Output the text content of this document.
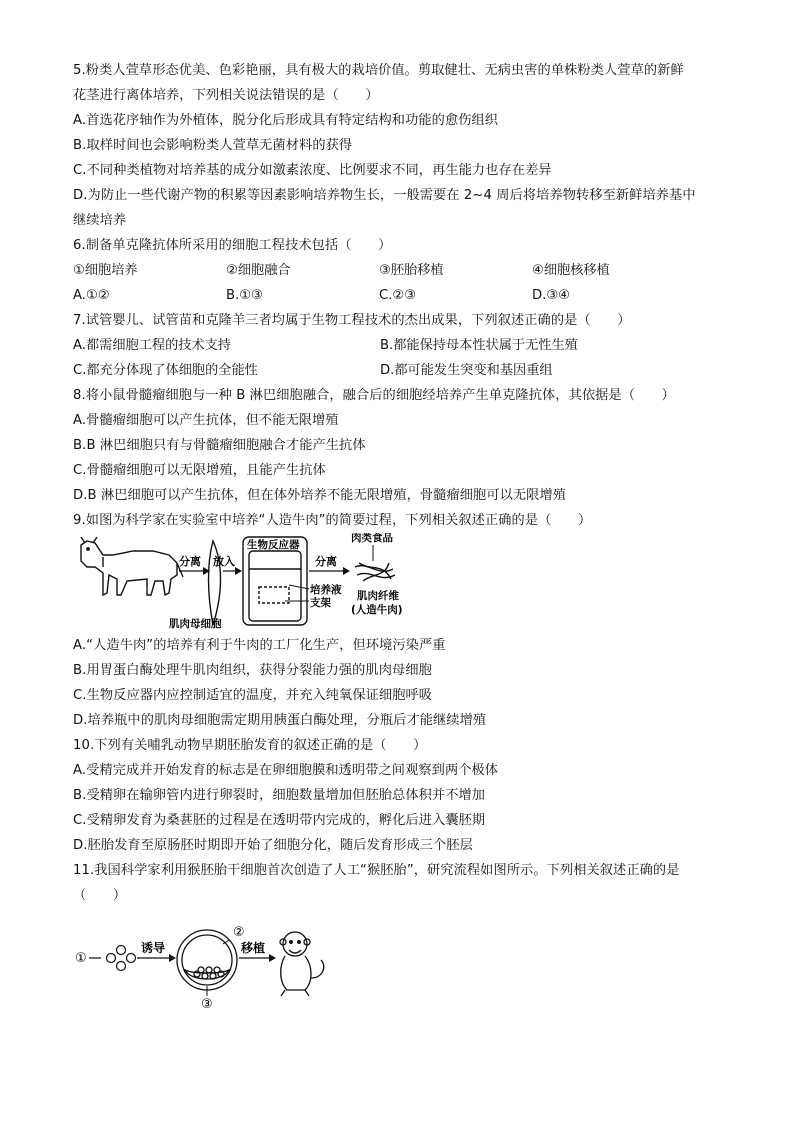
5.粉类人萱草形态优美、色彩艳丽，具有极大的栽培价值。剪取健壮、无病虫害的单株粉类人萱草的新鲜
花茎进行离体培养，下列相关说法错误的是（　　）
A.首选花序轴作为外植体，脱分化后形成具有特定结构和功能的愈伤组织
B.取样时间也会影响粉类人萱草无菌材料的获得
C.不同种类植物对培养基的成分如激素浓度、比例要求不同，再生能力也存在差异
D.为防止一些代谢产物的积累等因素影响培养物生长，一般需要在 2~4 周后将培养物转移至新鲜培养基中
继续培养
6.制备单克隆抗体所采用的细胞工程技术包括（　　）
①细胞培养	②细胞融合	③胚胎移植	④细胞核移植
A.①②	B.①③	C.②③	D.③④
7.试管婴儿、试管苗和克隆羊三者均属于生物工程技术的杰出成果，下列叙述正确的是（　　）
A.都需细胞工程的技术支持	B.都能保持母本性状属于无性生殖
C.都充分体现了体细胞的全能性	D.都可能发生突变和基因重组
8.将小鼠骨髓瘤细胞与一种 B 淋巴细胞融合，融合后的细胞经培养产生单克隆抗体，其依据是（　　）
A.骨髓瘤细胞可以产生抗体，但不能无限增殖
B.B 淋巴细胞只有与骨髓瘤细胞融合才能产生抗体
C.骨髓瘤细胞可以无限增殖，且能产生抗体
D.B 淋巴细胞可以产生抗体，但在体外培养不能无限增殖，骨髓瘤细胞可以无限增殖
9.如图为科学家在实验室中培养“人造牛肉”的简要过程，下列相关叙述正确的是（　　）
分离 放入
生物反应器
培养液
支架
分离
肉类食品
肌肉纤维
(人造牛肉)
肌肉母细胞
A.“人造牛肉”的培养有利于牛肉的工厂化生产，但环境污染严重
B.用胃蛋白酶处理牛肌肉组织，获得分裂能力强的肌肉母细胞
C.生物反应器内应控制适宜的温度，并充入纯氧保证细胞呼吸
D.培养瓶中的肌肉母细胞需定期用胰蛋白酶处理，分瓶后才能继续增殖
10.下列有关哺乳动物早期胚胎发育的叙述正确的是（　　）
A.受精完成并开始发育的标志是在卵细胞膜和透明带之间观察到两个极体
B.受精卵在输卵管内进行卵裂时，细胞数量增加但胚胎总体积并不增加
C.受精卵发育为桑葚胚的过程是在透明带内完成的，孵化后进入囊胚期
D.胚胎发育至原肠胚时期即开始了细胞分化，随后发育形成三个胚层
11.我国科学家利用猴胚胎干细胞首次创造了人工“猴胚胎”，研究流程如图所示。下列相关叙述正确的是
（　　）
①
诱导
②
③
移植
